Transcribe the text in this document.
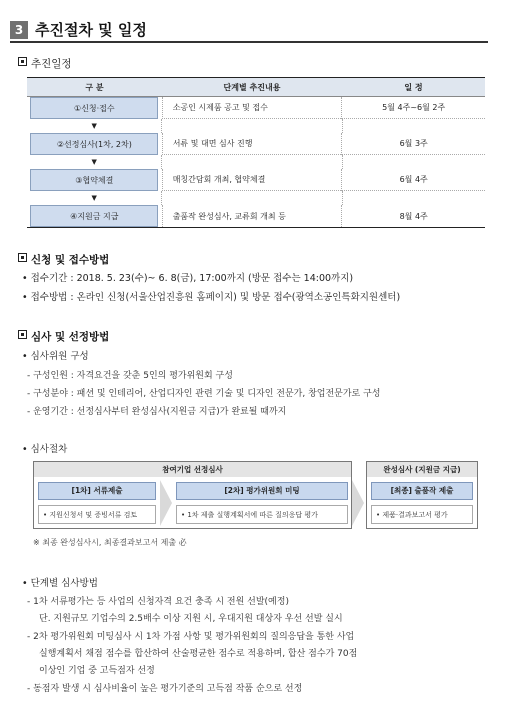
3 추진절차 및 일정
추진일정
구 분	단계별 추진내용	일 정
①신청·접수	소공인 시제품 공고 및 접수	5월 4주~6월 2주
▼
②선정심사(1차, 2차)	서류 및 대면 심사 진행	6월 3주
▼
③협약체결	매칭간담회 개최, 협약체결	6월 4주
▼
④지원금 지급	출품작 완성심사, 교류회 개최 등	8월 4주
신청 및 접수방법
• 접수기간 : 2018. 5. 23(수)~ 6. 8(금), 17:00까지 (방문 접수는 14:00까지)
• 접수방법 : 온라인 신청(서울산업진흥원 홈페이지) 및 방문 접수(광역소공인특화지원센터)
심사 및 선정방법
• 심사위원 구성
- 구성인원 : 자격요건을 갖춘 5인의 평가위원회 구성
- 구성분야 : 패션 및 인테리어, 산업디자인 관련 기술 및 디자인 전문가, 창업전문가로 구성
- 운영기간 : 선정심사부터 완성심사(지원금 지급)가 완료될 때까지
• 심사절차
참여기업 선정심사
[1차] 서류제출
• 지원신청서 및 증빙서류 검토
[2차] 평가위원회 미팅
• 1차 제출 실행계획서에 따른 질의응답 평가
완성심사 (지원금 지급)
[최종] 출품작 제출
• 제품·결과보고서 평가
※ 최종 완성심사시, 최종결과보고서 제출 必
• 단계별 심사방법
- 1차 서류평가는 등 사업의 신청자격 요건 충족 시 전원 선발(예정)
단. 지원규모 기업수의 2.5배수 이상 지원 시, 우대지원 대상자 우선 선발 실시
- 2차 평가위원회 미팅심사 시 1차 가점 사항 및 평가위원회의 질의응답을 통한 사업
실행계획서 채점 점수를 합산하여 산술평균한 점수로 적용하며, 합산 점수가 70점
이상인 기업 중 고득점자 선정
- 동점자 발생 시 심사비율이 높은 평가기준의 고득점 작품 순으로 선정
